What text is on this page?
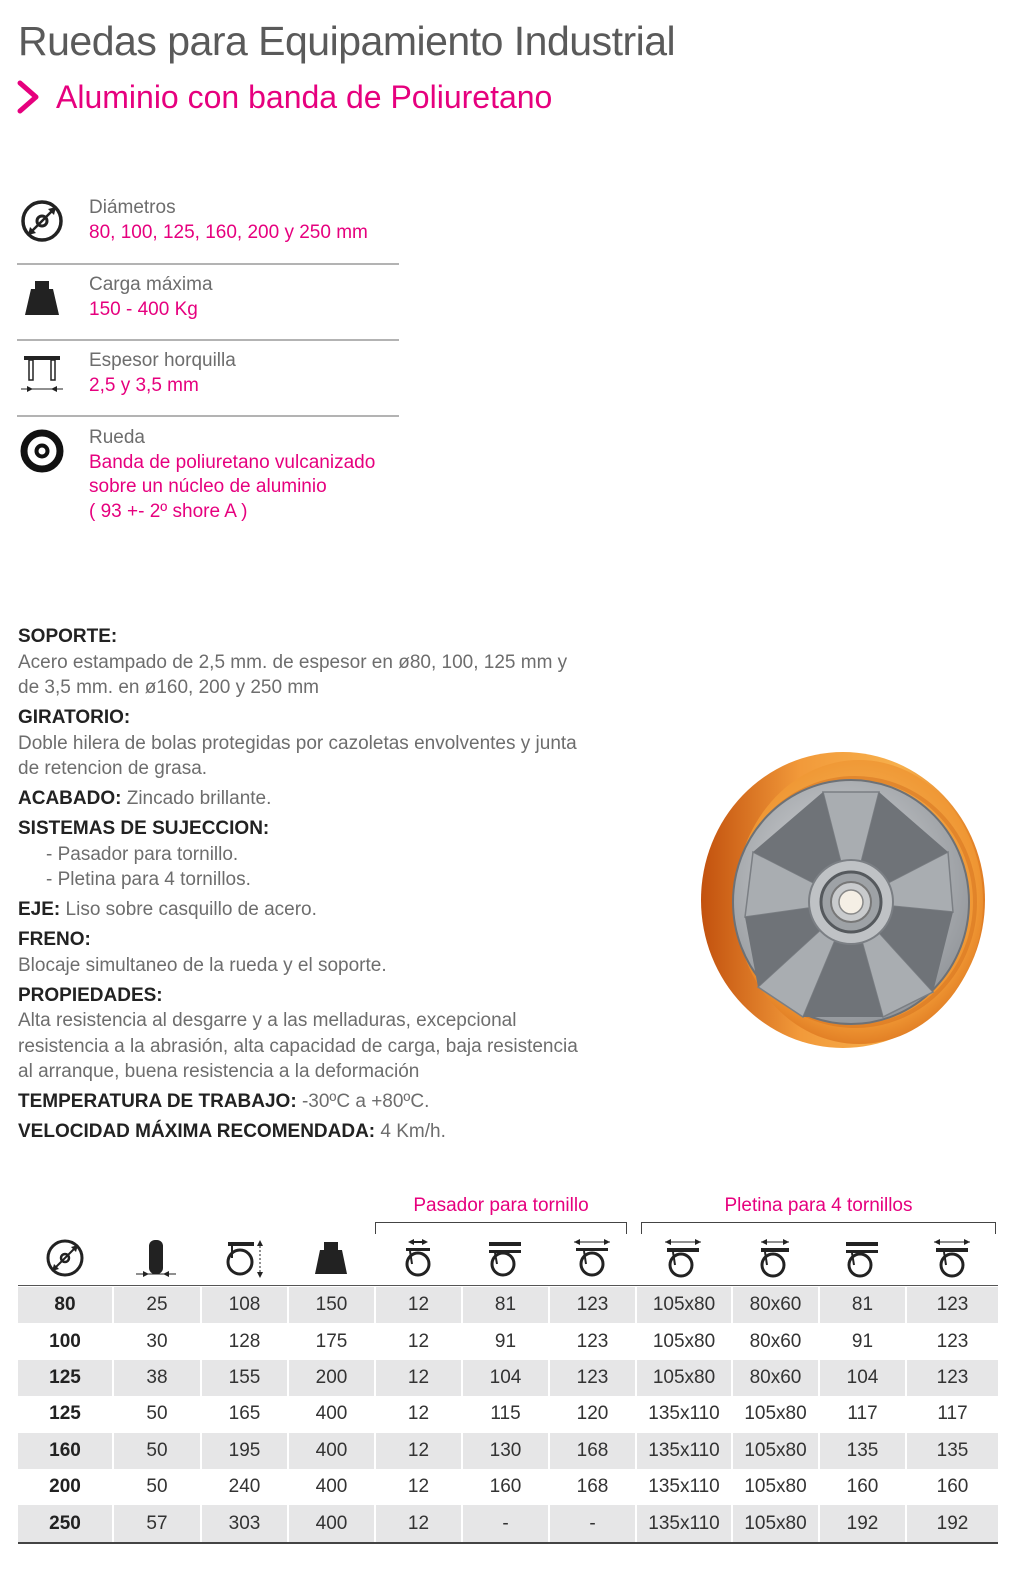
Ruedas para Equipamiento Industrial
Aluminio con banda de Poliuretano
Diámetros
80, 100, 125, 160, 200 y 250 mm
Carga máxima
150 - 400 Kg
Espesor horquilla
2,5 y 3,5 mm
Rueda
Banda de poliuretano vulcanizado
sobre un núcleo de aluminio
( 93 +- 2º shore A )
SOPORTE:
Acero estampado de 2,5 mm. de espesor en ø80, 100, 125 mm y
de 3,5 mm. en ø160, 200 y 250 mm
GIRATORIO:
Doble hilera de bolas protegidas por cazoletas envolventes y junta
de retencion de grasa.
ACABADO: Zincado brillante.
SISTEMAS DE SUJECCION:

- Pasador para tornillo.
- Pletina para 4 tornillos.
EJE: Liso sobre casquillo de acero.
FRENO:
Blocaje simultaneo de la rueda y el soporte.
PROPIEDADES:
Alta resistencia al desgarre y a las melladuras, excepcional
resistencia a la abrasión, alta capacidad de carga, baja resistencia
al arranque, buena resistencia a la deformación
TEMPERATURA DE TRABAJO: -30ºC a +80ºC.
VELOCIDAD MÁXIMA RECOMENDADA: 4 Km/h.
Pasador para tornillo	Pletina para 4 tornillos
80	25	108	150	12	81	123	105x80	80x60	81	123
100	30	128	175	12	91	123	105x80	80x60	91	123
125	38	155	200	12	104	123	105x80	80x60	104	123
125	50	165	400	12	115	120	135x110	105x80	117	117
160	50	195	400	12	130	168	135x110	105x80	135	135
200	50	240	400	12	160	168	135x110	105x80	160	160
250	57	303	400	12	-	-	135x110	105x80	192	192
